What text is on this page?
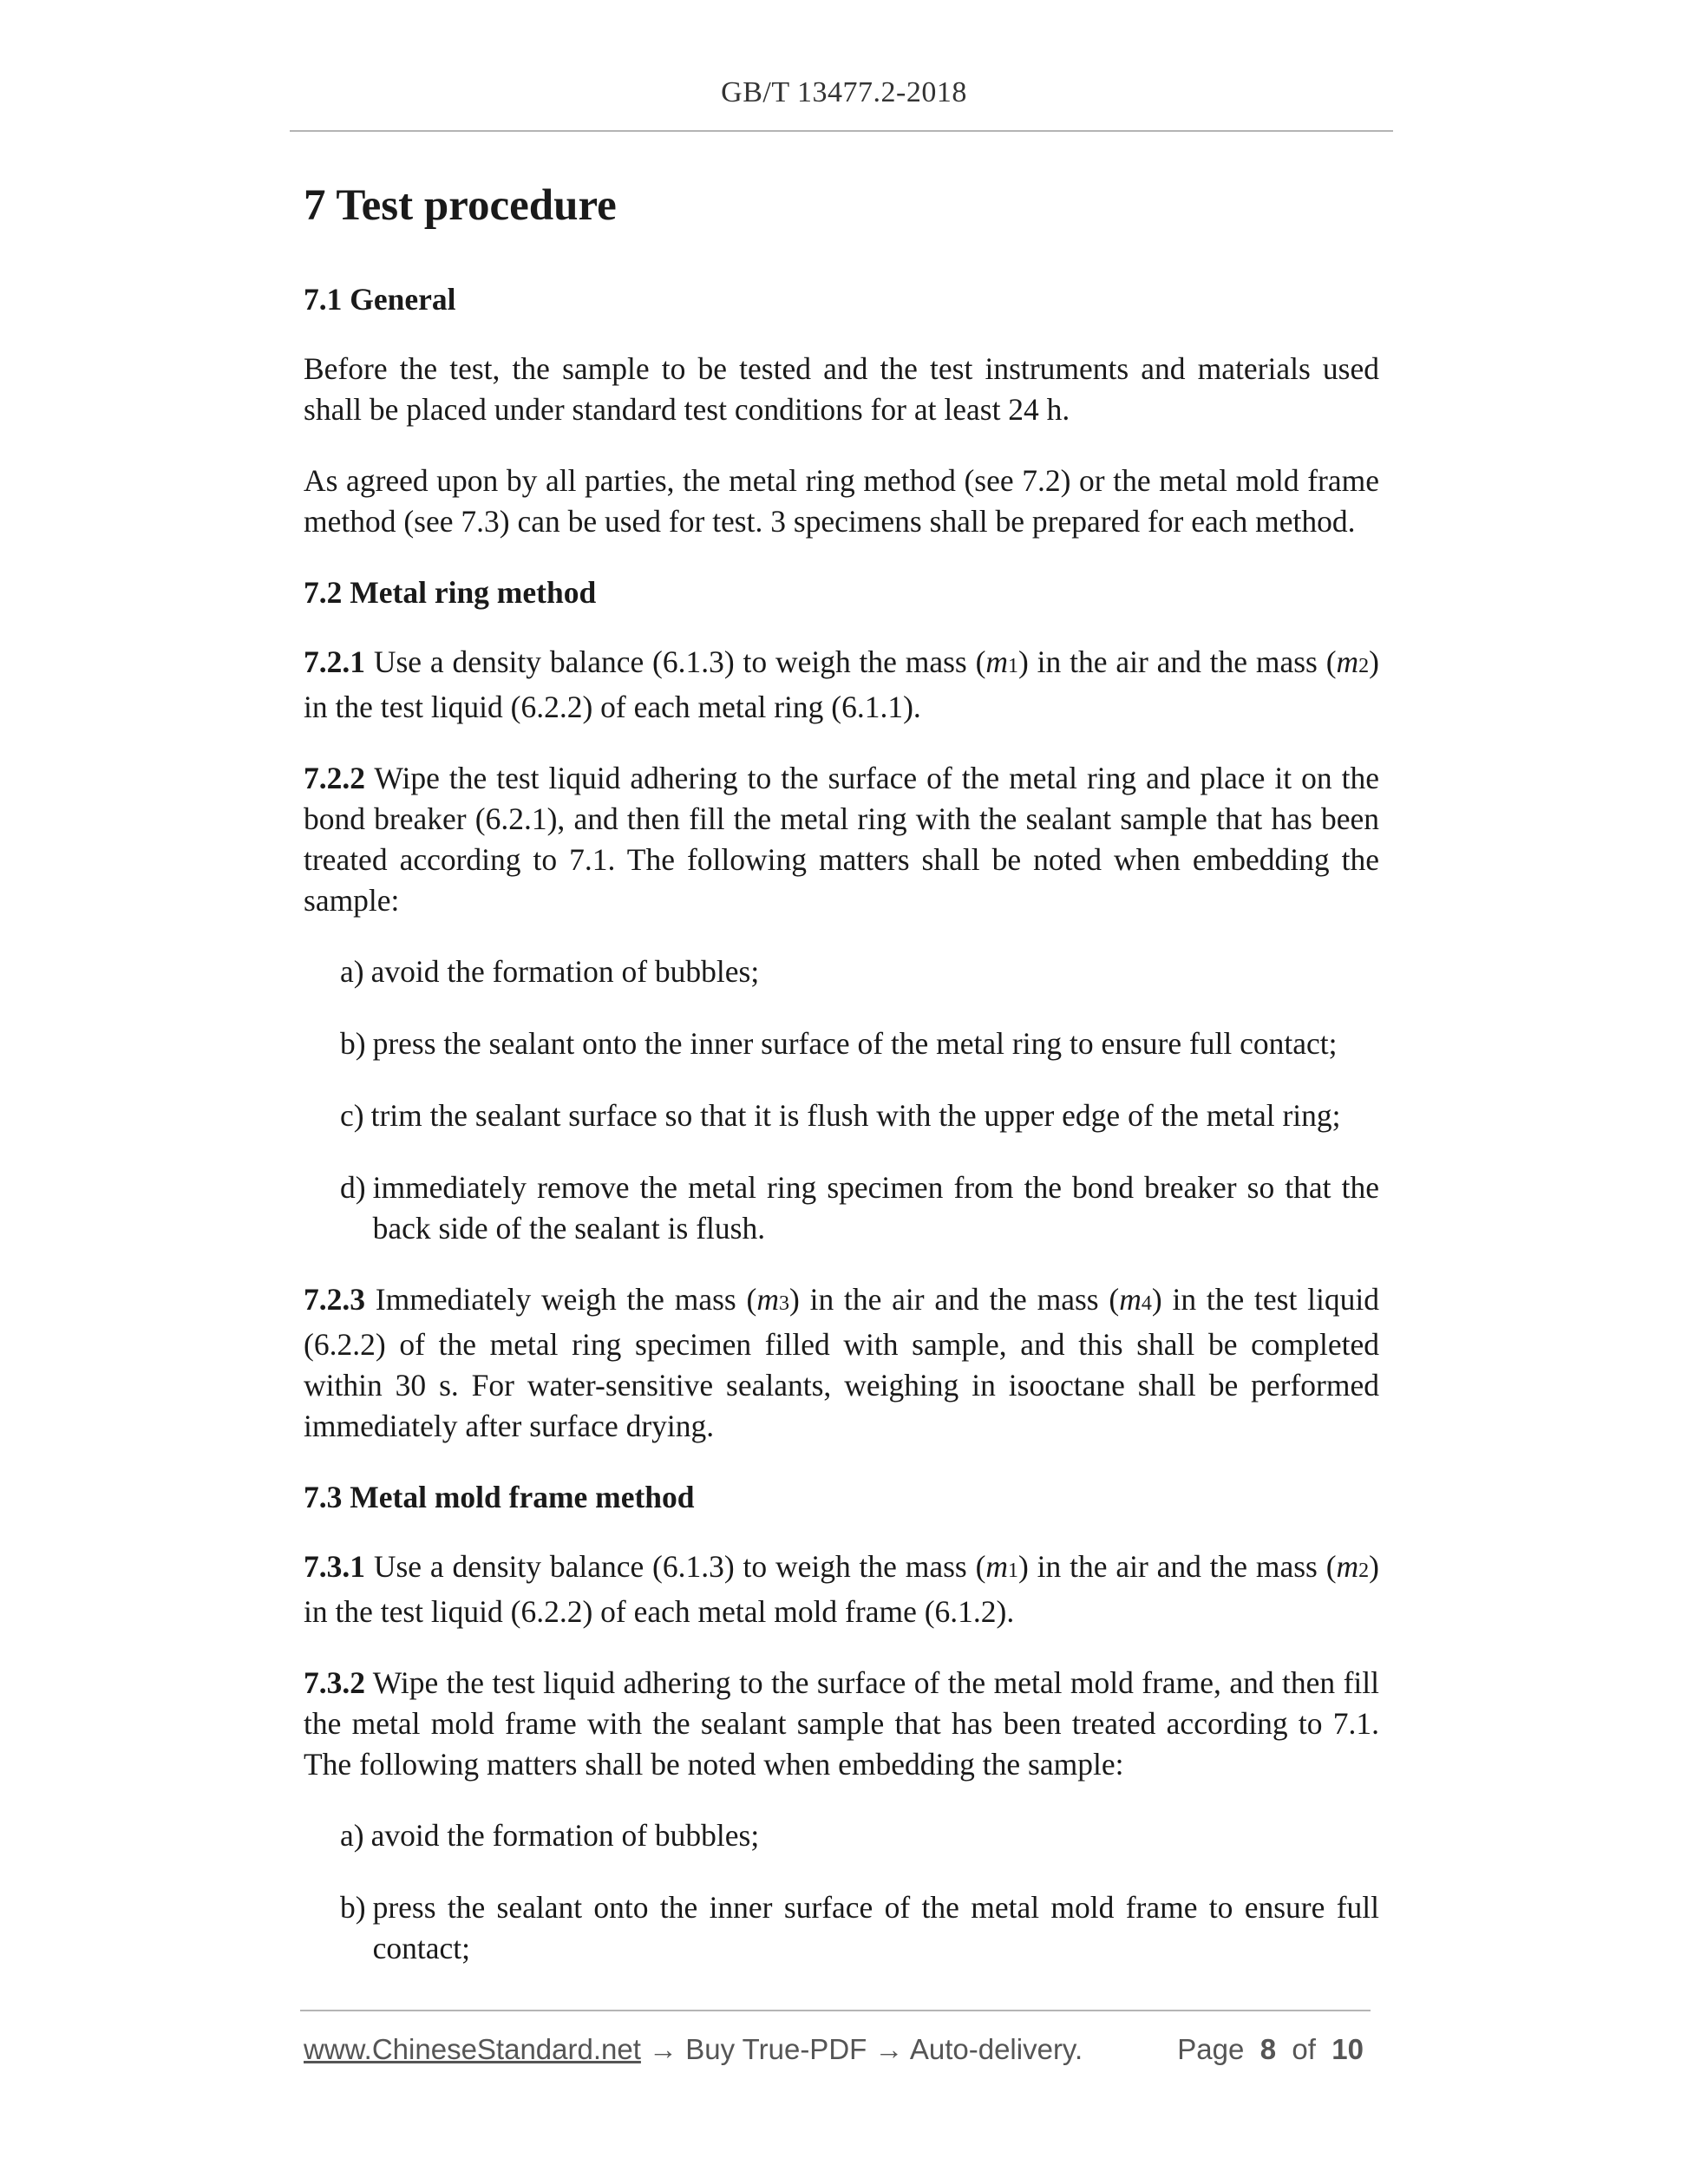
GB/T 13477.2-2018
7 Test procedure
7.1 General

Before the test, the sample to be tested and the test instruments and materials used shall be placed under standard test conditions for at least 24 h.

As agreed upon by all parties, the metal ring method (see 7.2) or the metal mold frame method (see 7.3) can be used for test. 3 specimens shall be prepared for each method.

7.2 Metal ring method

7.2.1 Use a density balance (6.1.3) to weigh the mass (m1) in the air and the mass (m2) in the test liquid (6.2.2) of each metal ring (6.1.1).

7.2.2 Wipe the test liquid adhering to the surface of the metal ring and place it on the bond breaker (6.2.1), and then fill the metal ring with the sealant sample that has been treated according to 7.1. The following matters shall be noted when embedding the sample:

a) avoid the formation of bubbles;
b) press the sealant onto the inner surface of the metal ring to ensure full contact;
c) trim the sealant surface so that it is flush with the upper edge of the metal ring;
d) immediately remove the metal ring specimen from the bond breaker so that the back side of the sealant is flush.

7.2.3 Immediately weigh the mass (m3) in the air and the mass (m4) in the test liquid (6.2.2) of the metal ring specimen filled with sample, and this shall be completed within 30 s. For water-sensitive sealants, weighing in isooctane shall be performed immediately after surface drying.

7.3 Metal mold frame method

7.3.1 Use a density balance (6.1.3) to weigh the mass (m1) in the air and the mass (m2) in the test liquid (6.2.2) of each metal mold frame (6.1.2).

7.3.2 Wipe the test liquid adhering to the surface of the metal mold frame, and then fill the metal mold frame with the sealant sample that has been treated according to 7.1. The following matters shall be noted when embedding the sample:

a) avoid the formation of bubbles;
b) press the sealant onto the inner surface of the metal mold frame to ensure full contact;
www.ChineseStandard.net → Buy True-PDF → Auto-delivery.	Page 8 of 10
